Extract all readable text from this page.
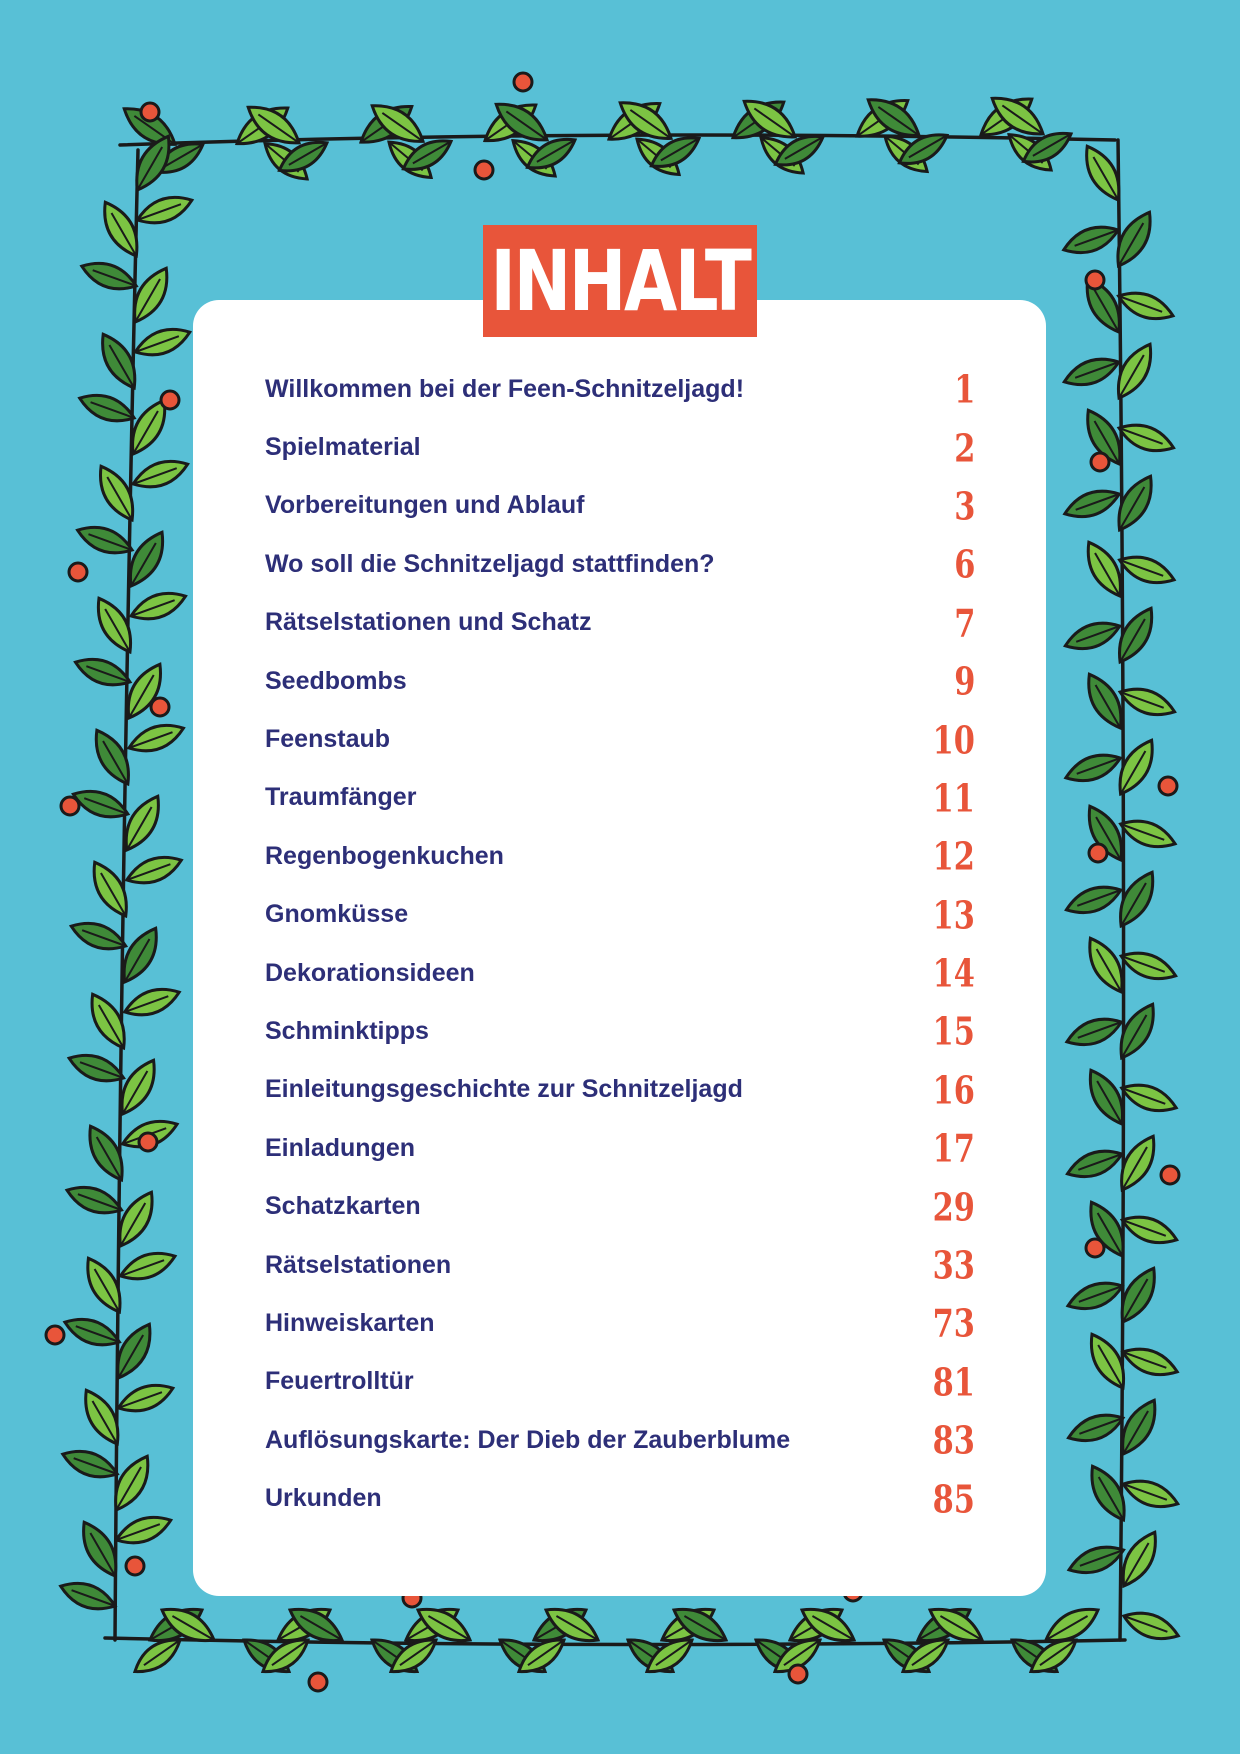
INHALT
Willkommen bei der Feen-Schnitzeljagd!	1
Spielmaterial	2
Vorbereitungen und Ablauf	3
Wo soll die Schnitzeljagd stattfinden?	6
Rätselstationen und Schatz	7
Seedbombs	9
Feenstaub	10
Traumfänger	11
Regenbogenkuchen	12
Gnomküsse	13
Dekorationsideen	14
Schminktipps	15
Einleitungsgeschichte zur Schnitzeljagd	16
Einladungen	17
Schatzkarten	29
Rätselstationen	33
Hinweiskarten	73
Feuertrolltür	81
Auflösungskarte: Der Dieb der Zauberblume	83
Urkunden	85
